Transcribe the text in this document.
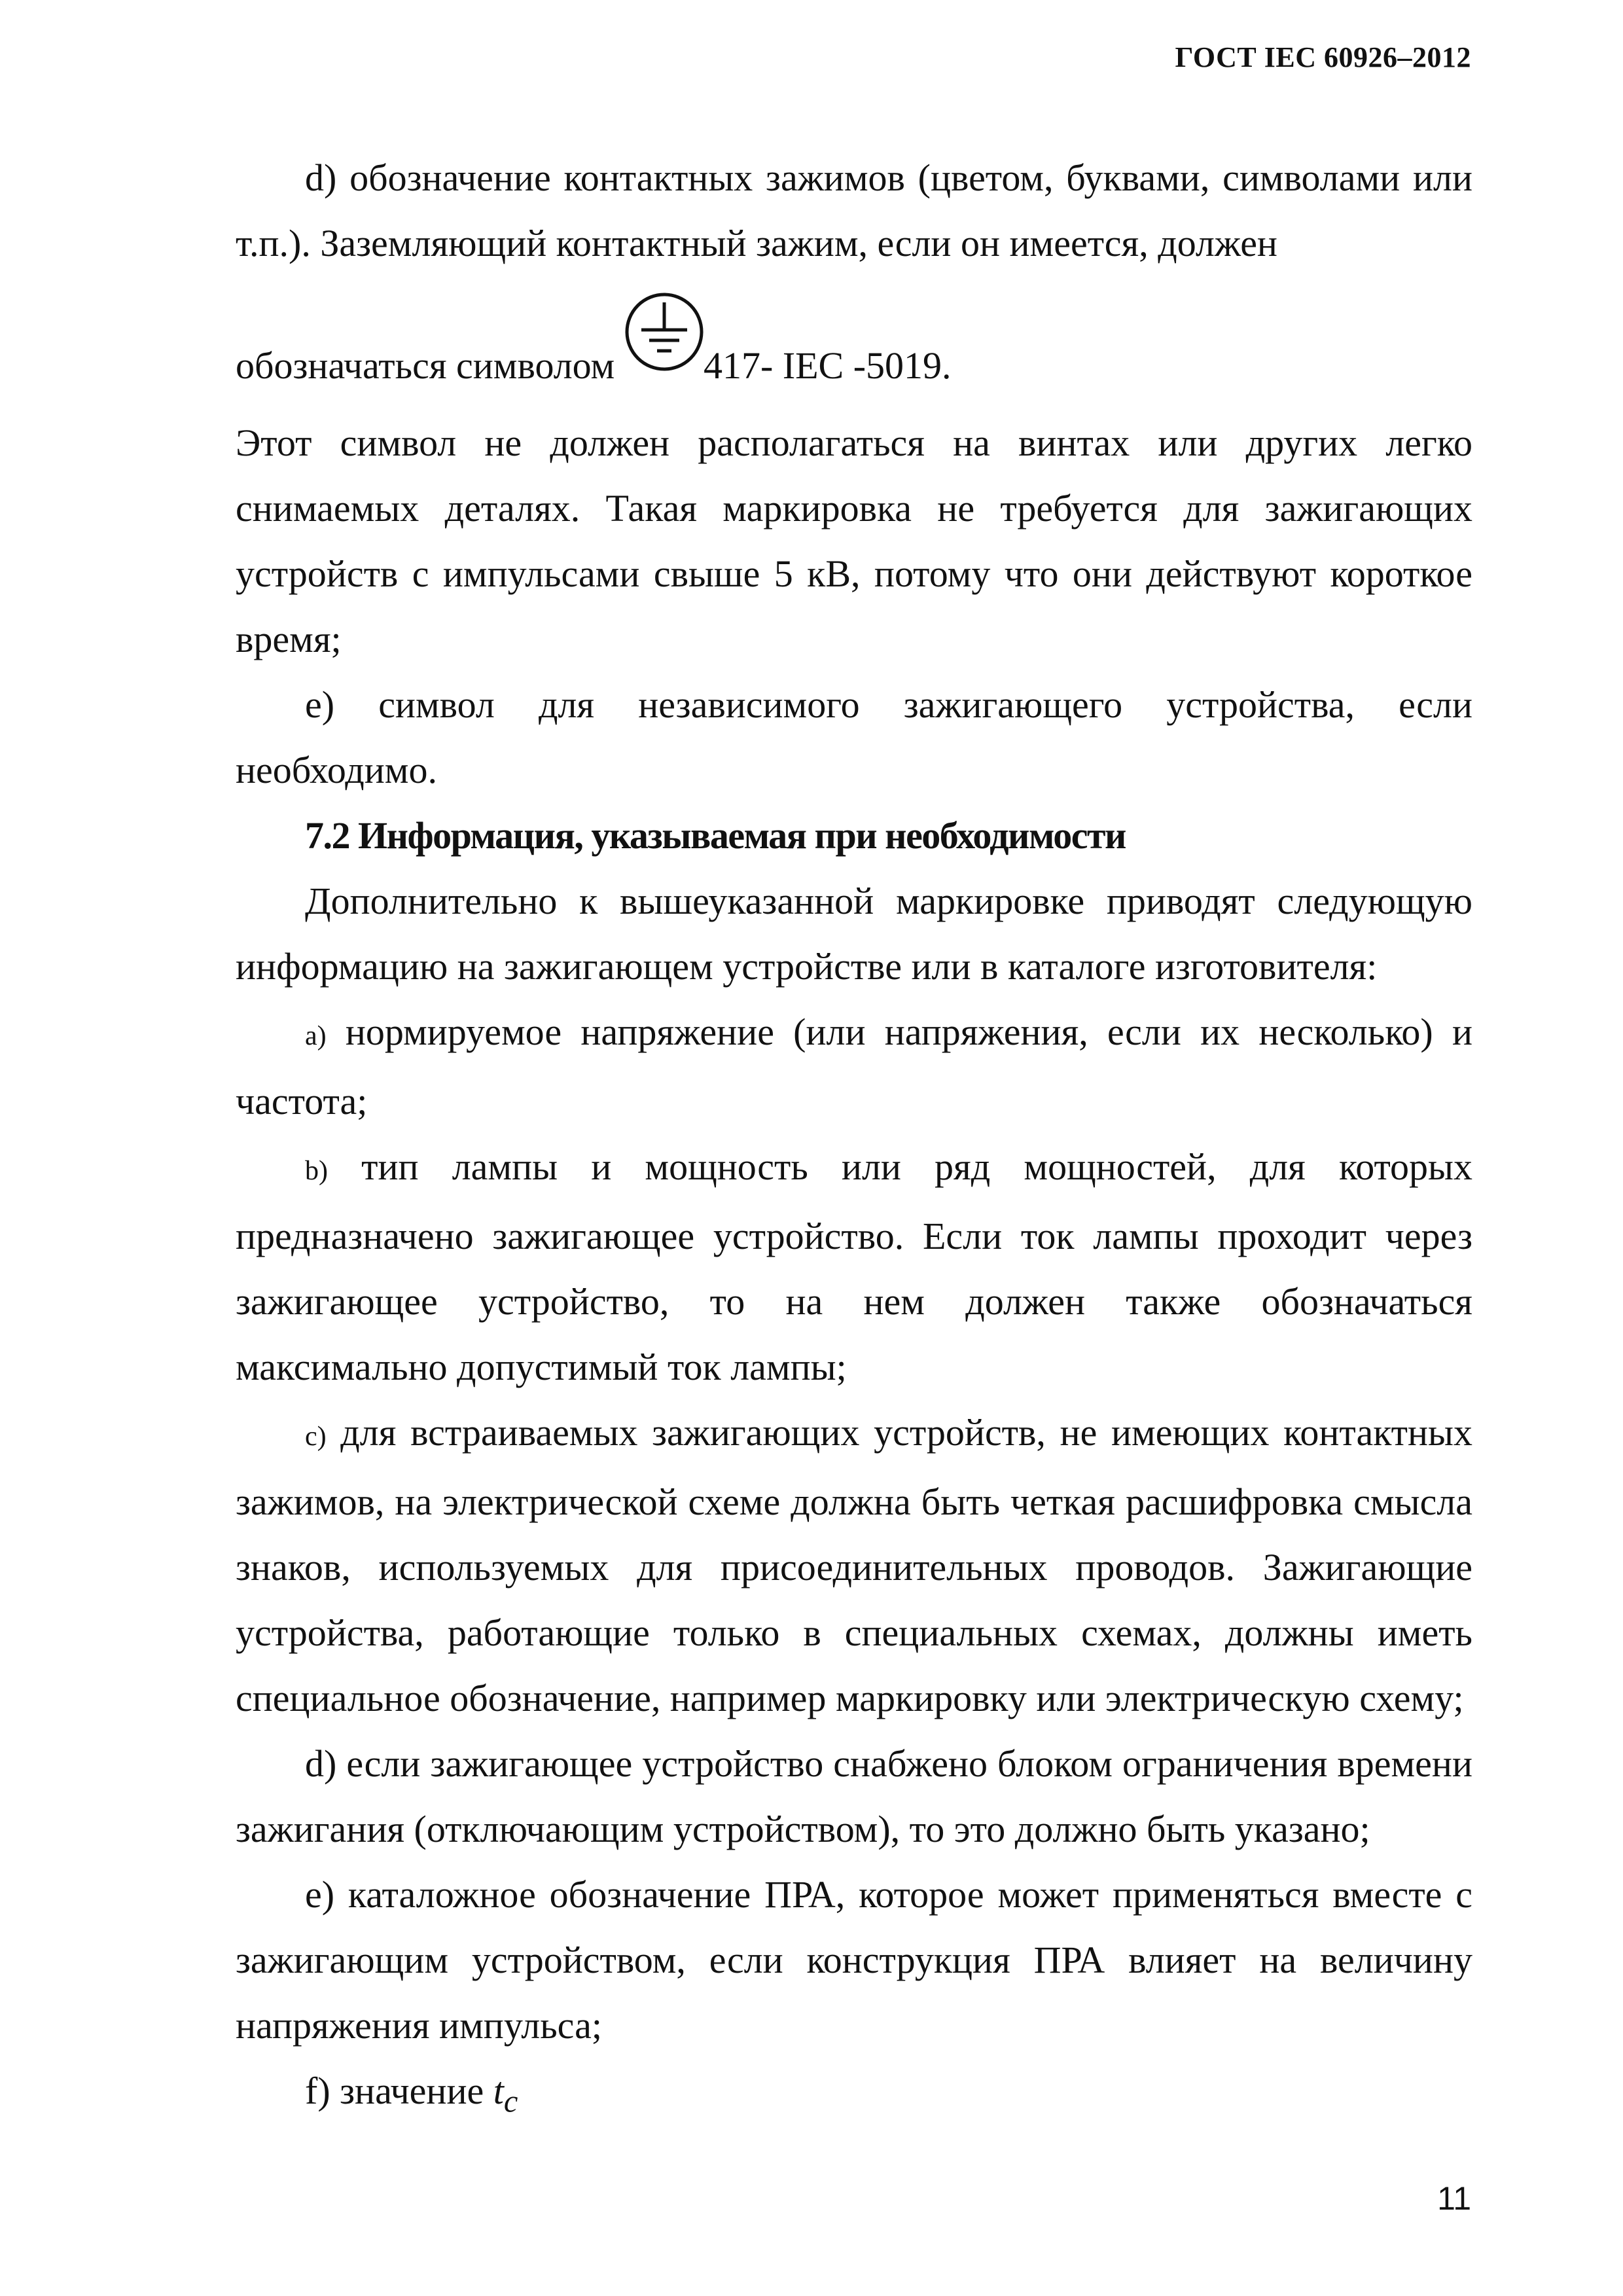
ГОСТ IEC 60926–2012

d) обозначение контактных зажимов (цветом, буквами, символами или т.п.). Заземляющий контактный зажим, если он имеется, должен

обозначаться символом 417- IEC -5019.

Этот символ не должен располагаться на винтах или других легко снимаемых деталях. Такая маркировка не требуется для зажигающих устройств с импульсами свыше 5 кВ, потому что они действуют короткое время;

е) символ для независимого зажигающего устройства, если необходимо.

7.2 Информация, указываемая при необходимости

Дополнительно к вышеуказанной маркировке приводят следующую информацию на зажигающем устройстве или в каталоге изготовителя:

a) нормируемое напряжение (или напряжения, если их несколько) и частота;

b) тип лампы и мощность или ряд мощностей, для которых предназначено зажигающее устройство. Если ток лампы проходит через зажигающее устройство, то на нем должен также обозначаться максимально допустимый ток лампы;

c) для встраиваемых зажигающих устройств, не имеющих контактных зажимов, на электрической схеме должна быть четкая расшифровка смысла знаков, используемых для присоединительных проводов. Зажигающие устройства, работающие только в специальных схемах, должны иметь специальное обозначение, например маркировку или электрическую схему;

d) если зажигающее устройство снабжено блоком ограничения времени зажигания (отключающим устройством), то это должно быть указано;

е) каталожное обозначение ПРА, которое может применяться вместе с зажигающим устройством, если конструкция ПРА влияет на величину напряжения импульса;

f) значение $t_c$

11
